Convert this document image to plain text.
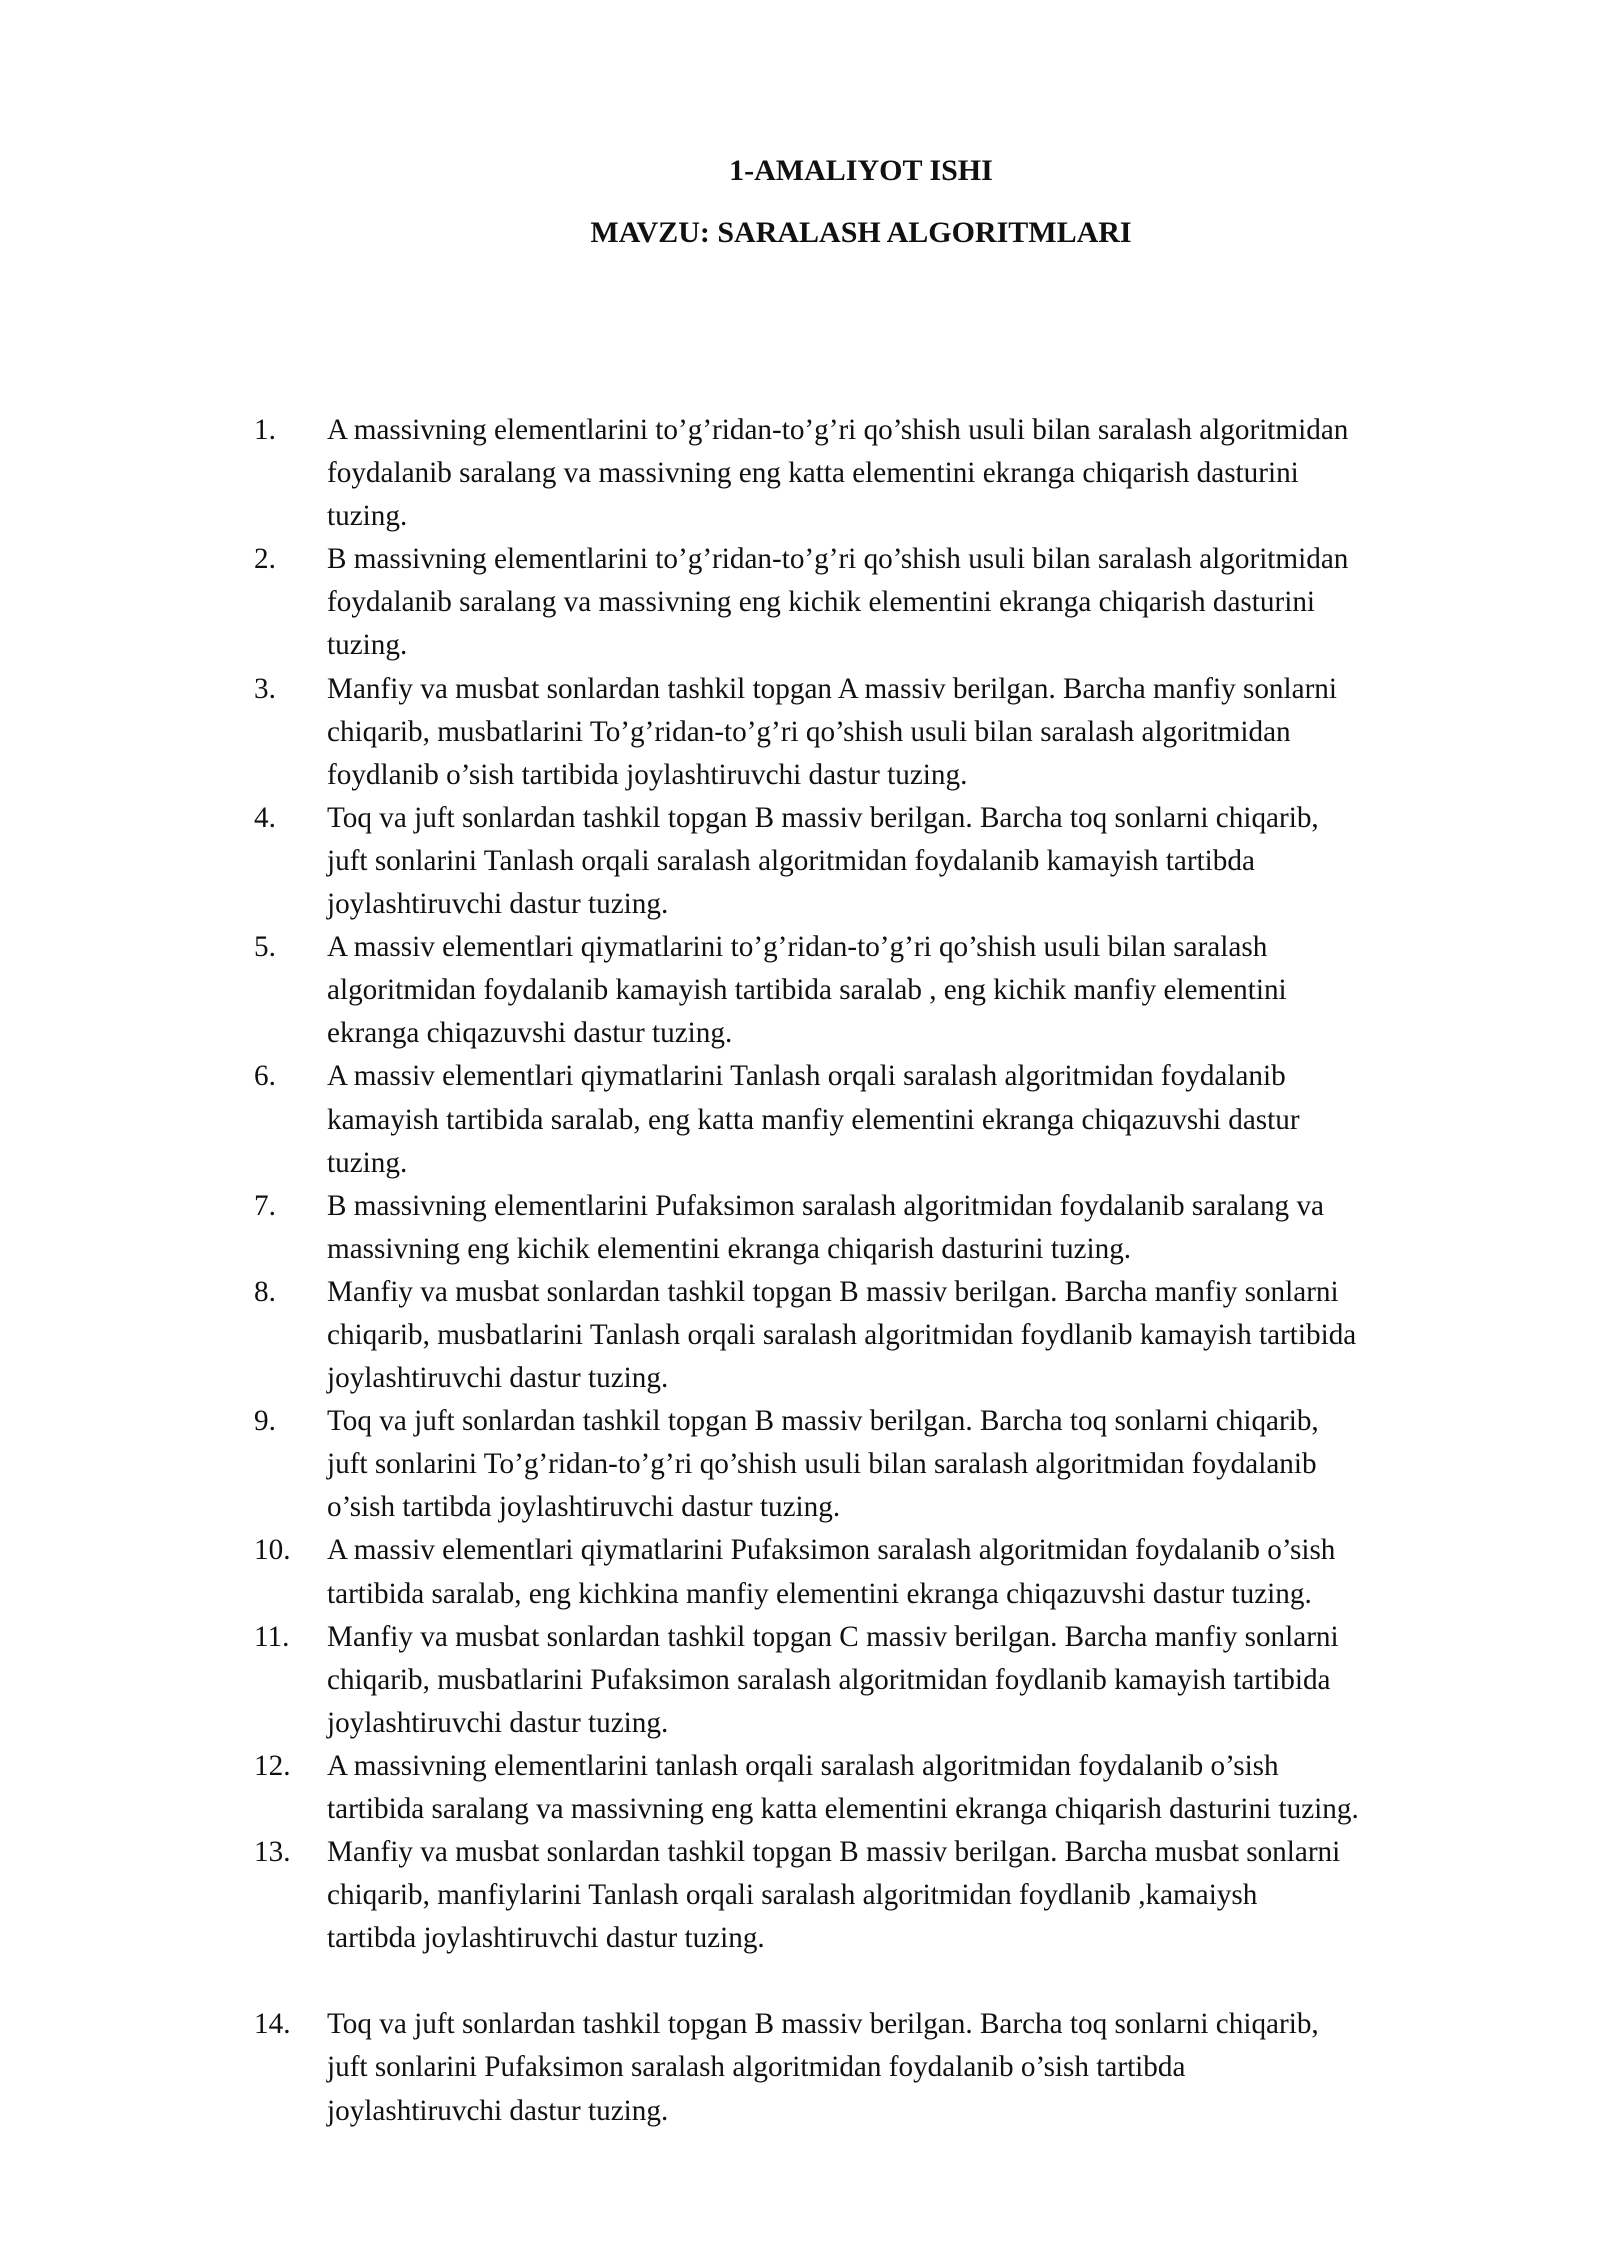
1-AMALIYOT ISHI
MAVZU: SARALASH ALGORITMLARI
1.	A massivning elementlarini to’g’ridan-to’g’ri qo’shish usuli bilan saralash algoritmidan
foydalanib saralang va massivning eng katta elementini ekranga chiqarish dasturini
tuzing.
2.	B massivning elementlarini to’g’ridan-to’g’ri qo’shish usuli bilan saralash algoritmidan
foydalanib saralang va massivning eng kichik elementini ekranga chiqarish dasturini
tuzing.
3.	Manfiy va musbat sonlardan tashkil topgan A massiv berilgan. Barcha manfiy sonlarni
chiqarib, musbatlarini To’g’ridan-to’g’ri qo’shish usuli bilan saralash algoritmidan
foydlanib o’sish tartibida joylashtiruvchi dastur tuzing.
4.	Toq va juft sonlardan tashkil topgan B massiv berilgan. Barcha toq sonlarni chiqarib,
juft sonlarini Tanlash orqali saralash algoritmidan foydalanib kamayish tartibda
joylashtiruvchi dastur tuzing.
5.	A massiv elementlari qiymatlarini to’g’ridan-to’g’ri qo’shish usuli bilan saralash
algoritmidan foydalanib kamayish tartibida saralab , eng kichik manfiy elementini
ekranga chiqazuvshi dastur tuzing.
6.	A massiv elementlari qiymatlarini Tanlash orqali saralash algoritmidan foydalanib
kamayish tartibida saralab, eng katta manfiy elementini ekranga chiqazuvshi dastur
tuzing.
7.	B massivning elementlarini Pufaksimon saralash algoritmidan foydalanib saralang va
massivning eng kichik elementini ekranga chiqarish dasturini tuzing.
8.	Manfiy va musbat sonlardan tashkil topgan B massiv berilgan. Barcha manfiy sonlarni
chiqarib, musbatlarini Tanlash orqali saralash algoritmidan foydlanib kamayish tartibida
joylashtiruvchi dastur tuzing.
9.	Toq va juft sonlardan tashkil topgan B massiv berilgan. Barcha toq sonlarni chiqarib,
juft sonlarini To’g’ridan-to’g’ri qo’shish usuli bilan saralash algoritmidan foydalanib
o’sish tartibda joylashtiruvchi dastur tuzing.
10.	A massiv elementlari qiymatlarini Pufaksimon saralash algoritmidan foydalanib o’sish
tartibida saralab, eng kichkina manfiy elementini ekranga chiqazuvshi dastur tuzing.
11.	Manfiy va musbat sonlardan tashkil topgan C massiv berilgan. Barcha manfiy sonlarni
chiqarib, musbatlarini Pufaksimon saralash algoritmidan foydlanib kamayish tartibida
joylashtiruvchi dastur tuzing.
12.	A massivning elementlarini tanlash orqali saralash algoritmidan foydalanib o’sish
tartibida saralang va massivning eng katta elementini ekranga chiqarish dasturini tuzing.
13.	Manfiy va musbat sonlardan tashkil topgan B massiv berilgan. Barcha musbat sonlarni
chiqarib, manfiylarini Tanlash orqali saralash algoritmidan foydlanib ,kamaiysh
tartibda joylashtiruvchi dastur tuzing.
14.	Toq va juft sonlardan tashkil topgan B massiv berilgan. Barcha toq sonlarni chiqarib,
juft sonlarini Pufaksimon saralash algoritmidan foydalanib o’sish tartibda
joylashtiruvchi dastur tuzing.
